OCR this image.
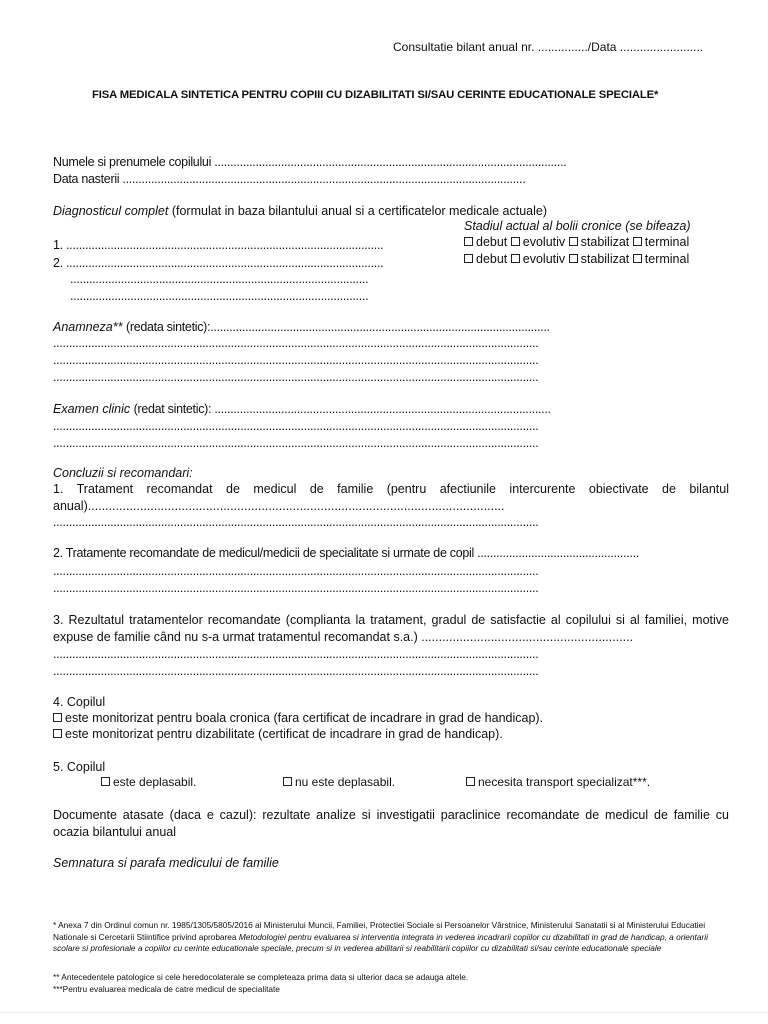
Consultatie bilant anual nr. .............../Data .........................
FISA MEDICALA SINTETICA PENTRU COPIII CU DIZABILITATI SI/SAU CERINTE EDUCATIONALE SPECIALE*
Numele si prenumele copilului ...............................................................................................................
Data nasterii ...............................................................................................................................
Diagnosticul complet (formulat in baza bilantului anual si a certificatelor medicale actuale)
Stadiul actual al bolii cronice (se bifeaza)
1. ....................................................................................................	debut evolutiv stabilizat terminal
2. ....................................................................................................	debut evolutiv stabilizat terminal
..............................................................................................
..............................................................................................
Anamneza** (redata sintetic):...........................................................................................................
.........................................................................................................................................................
.........................................................................................................................................................
.........................................................................................................................................................
Examen clinic (redat sintetic): ..........................................................................................................
.........................................................................................................................................................
.........................................................................................................................................................
Concluzii si recomandari:
1. Tratament recomandat de medicul de familie (pentru afectiunile intercurente obiectivate de bilantul anual)........................................................................................................................
.........................................................................................................................................................
2. Tratamente recomandate de medicul/medicii de specialitate si urmate de copil ...................................................
.........................................................................................................................................................
.........................................................................................................................................................
3. Rezultatul tratamentelor recomandate (complianta la tratament, gradul de satisfactie al copilului si al familiei, motive expuse de familie când nu s-a urmat tratamentul recomandat s.a.) .............................................................
.........................................................................................................................................................
.........................................................................................................................................................
4. Copilul
este monitorizat pentru boala cronica (fara certificat de incadrare in grad de handicap).
este monitorizat pentru dizabilitate (certificat de incadrare in grad de handicap).
5. Copilul
este deplasabil.	nu este deplasabil.	necesita transport specializat***.
Documente atasate (daca e cazul): rezultate analize si investigatii paraclinice recomandate de medicul de familie cu ocazia bilantului anual
Semnatura si parafa medicului de familie
* Anexa 7 din Ordinul comun nr. 1985/1305/5805/2016 al Ministerului Muncii, Familiei, Protectiei Sociale si Persoanelor Vârstnice, Ministerului Sanatatii si al Ministerului Educatiei Nationale si Cercetarii Stiintifice privind aprobarea Metodologiei pentru evaluarea si interventia integrata in vederea incadrarii copiilor cu dizabilitati in grad de handicap, a orientarii scolare si profesionale a copiilor cu cerinte educationale speciale, precum si in vederea abilitarii si reabilitarii copiilor cu dizabilitati si/sau cerinte educationale speciale
** Antecedentele patologice si cele heredocolaterale se completeaza prima data si ulterior daca se adauga altele.
***Pentru evaluarea medicala de catre medicul de specialitate
